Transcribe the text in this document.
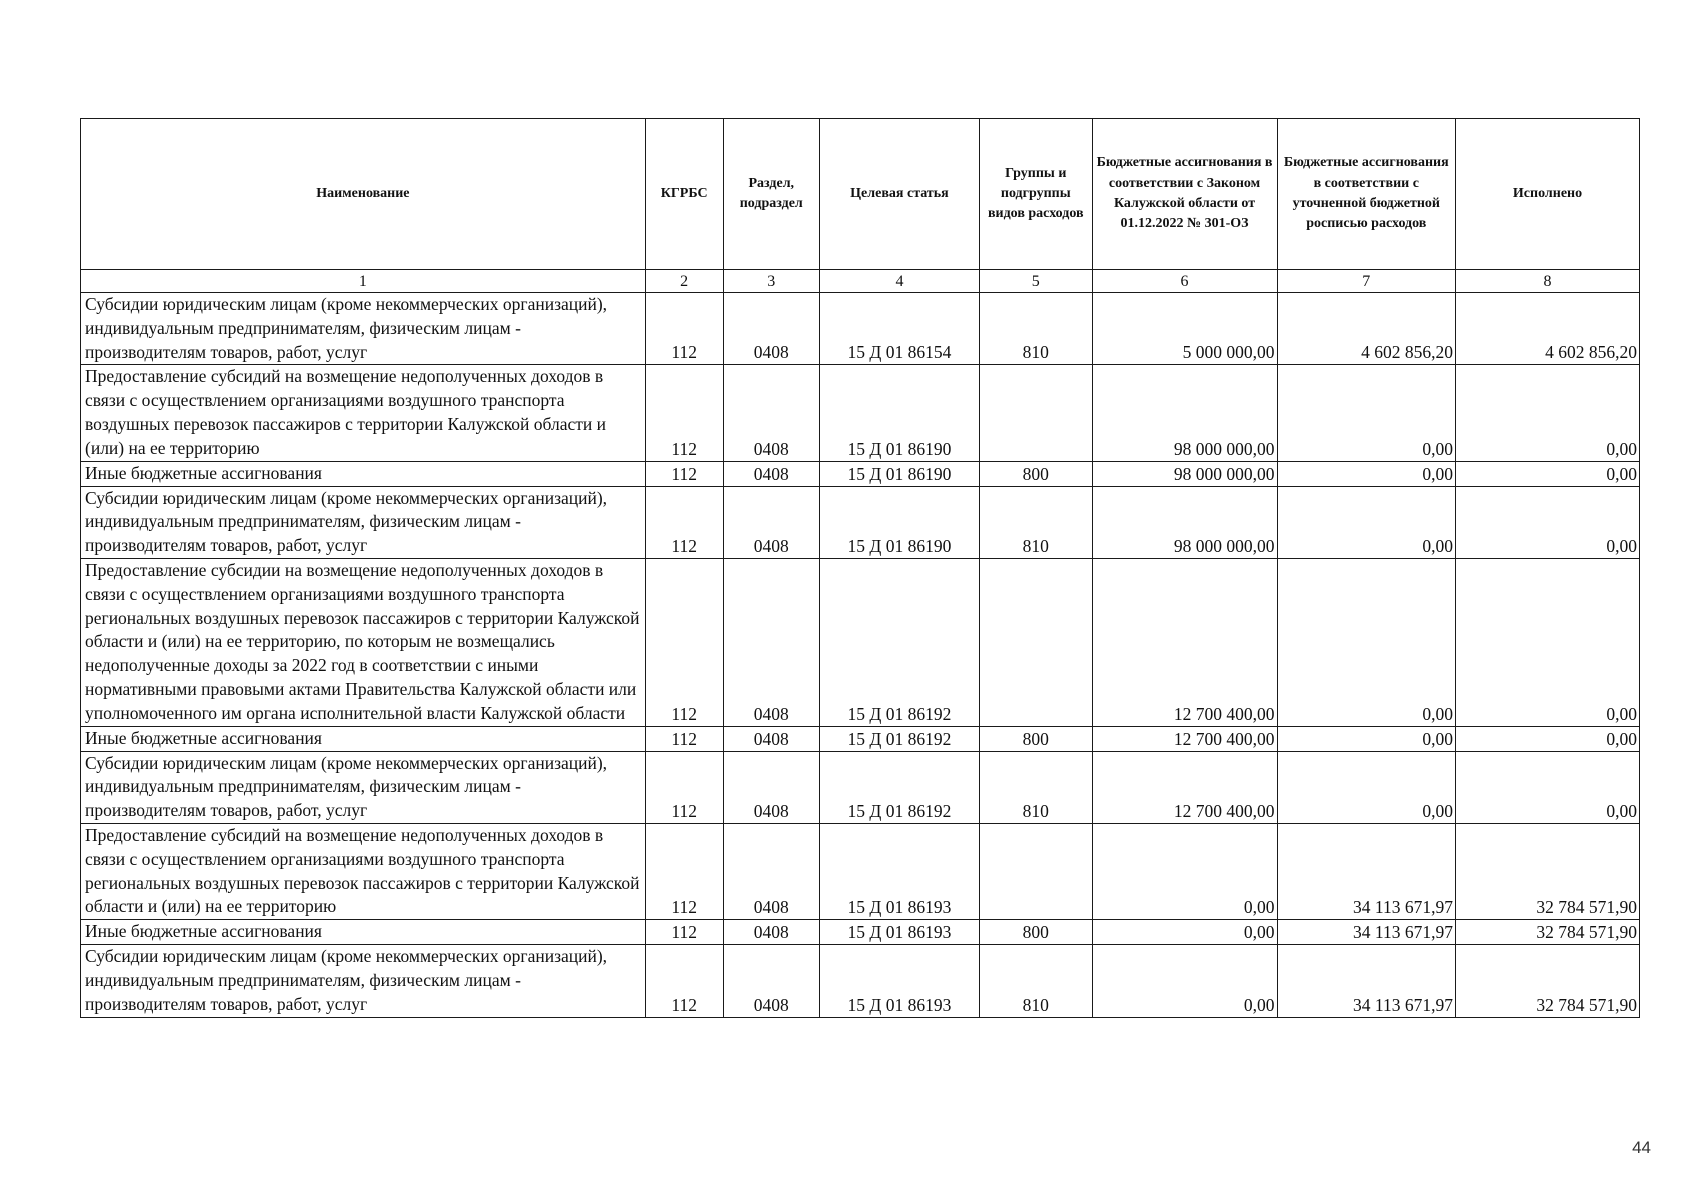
Наименование	КГРБС	Раздел, подраздел	Целевая статья	Группы и подгруппы видов расходов	Бюджетные ассигнования в соответствии с Законом Калужской области от 01.12.2022 № 301-ОЗ	Бюджетные ассигнования в соответствии с уточненной бюджетной росписью расходов	Исполнено
1	2	3	4	5	6	7	8
Субсидии юридическим лицам (кроме некоммерческих организаций), индивидуальным предпринимателям, физическим лицам - производителям товаров, работ, услуг	112	0408	15 Д 01 86154	810	5 000 000,00	4 602 856,20	4 602 856,20
Предоставление субсидий на возмещение недополученных доходов в связи с осуществлением организациями воздушного транспорта воздушных перевозок пассажиров с территории Калужской области и (или) на ее территорию	112	0408	15 Д 01 86190		98 000 000,00	0,00	0,00
Иные бюджетные ассигнования	112	0408	15 Д 01 86190	800	98 000 000,00	0,00	0,00
Субсидии юридическим лицам (кроме некоммерческих организаций), индивидуальным предпринимателям, физическим лицам - производителям товаров, работ, услуг	112	0408	15 Д 01 86190	810	98 000 000,00	0,00	0,00
Предоставление субсидии на возмещение недополученных доходов в связи с осуществлением организациями воздушного транспорта региональных воздушных перевозок пассажиров с территории Калужской области и (или) на ее территорию, по которым не возмещались недополученные доходы за 2022 год в соответствии с иными нормативными правовыми актами Правительства Калужской области или уполномоченного им органа исполнительной власти Калужской области	112	0408	15 Д 01 86192		12 700 400,00	0,00	0,00
Иные бюджетные ассигнования	112	0408	15 Д 01 86192	800	12 700 400,00	0,00	0,00
Субсидии юридическим лицам (кроме некоммерческих организаций), индивидуальным предпринимателям, физическим лицам - производителям товаров, работ, услуг	112	0408	15 Д 01 86192	810	12 700 400,00	0,00	0,00
Предоставление субсидий на возмещение недополученных доходов в связи с осуществлением организациями воздушного транспорта региональных воздушных перевозок пассажиров с территории Калужской области и (или) на ее территорию	112	0408	15 Д 01 86193		0,00	34 113 671,97	32 784 571,90
Иные бюджетные ассигнования	112	0408	15 Д 01 86193	800	0,00	34 113 671,97	32 784 571,90
Субсидии юридическим лицам (кроме некоммерческих организаций), индивидуальным предпринимателям, физическим лицам - производителям товаров, работ, услуг	112	0408	15 Д 01 86193	810	0,00	34 113 671,97	32 784 571,90
44
